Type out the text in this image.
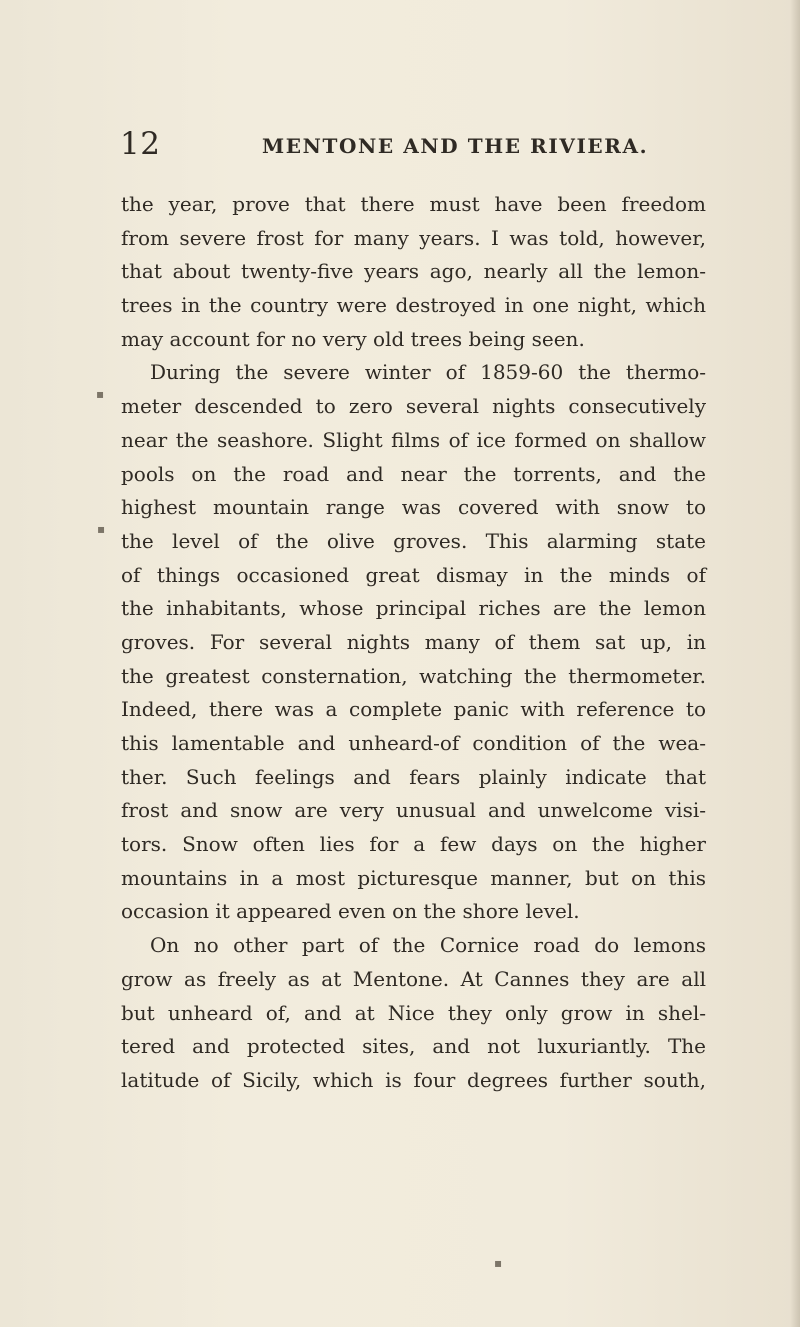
12	MENTONE AND THE RIVIERA.
▪
▪
▪
the year, prove that there must have been freedom
from severe frost for many years. I was told, however,
that about twenty-five years ago, nearly all the lemon-
trees in the country were destroyed in one night, which
may account for no very old trees being seen.
During the severe winter of 1859-60 the thermo-
meter descended to zero several nights consecutively
near the seashore. Slight films of ice formed on shallow
pools on the road and near the torrents, and the
highest mountain range was covered with snow to
the level of the olive groves. This alarming state
of things occasioned great dismay in the minds of
the inhabitants, whose principal riches are the lemon
groves. For several nights many of them sat up, in
the greatest consternation, watching the thermometer.
Indeed, there was a complete panic with reference to
this lamentable and unheard-of condition of the wea-
ther. Such feelings and fears plainly indicate that
frost and snow are very unusual and unwelcome visi-
tors. Snow often lies for a few days on the higher
mountains in a most picturesque manner, but on this
occasion it appeared even on the shore level.
On no other part of the Cornice road do lemons
grow as freely as at Mentone. At Cannes they are all
but unheard of, and at Nice they only grow in shel-
tered and protected sites, and not luxuriantly. The
latitude of Sicily, which is four degrees further south,
